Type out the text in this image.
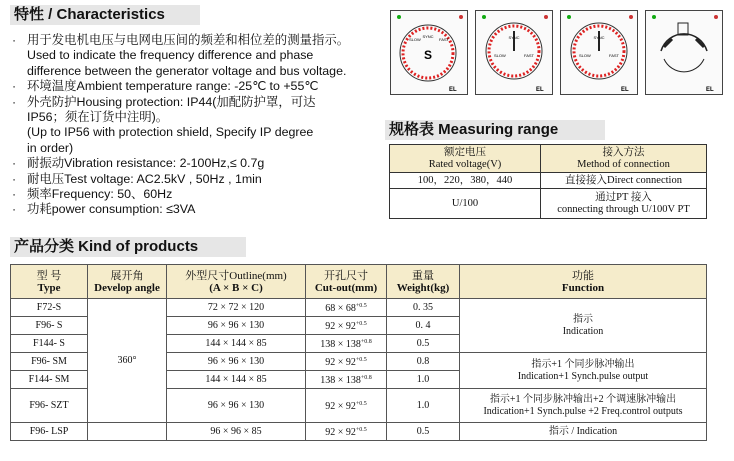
特性 / Characteristics
· 用于发电机电压与电网电压间的频差和相位差的测量指示。
Used to indicate the frequency difference and phase
difference between the generator voltage and bus voltage.
· 环境温度Ambient temperature range: -25℃ to +55℃
· 外壳防护Housing protection: IP44(加配防护罩，可达
IP56；须在订货中注明)。
(Up to IP56 with protection shield, Specify IP degree
in order)
· 耐振动Vibration resistance: 2-100Hz,≤ 0.7g
· 耐电压Test voltage: AC2.5kV , 50Hz , 1min
· 频率Frequency: 50、60Hz
· 功耗power consumption: ≤3VA
S
SYNC
SLOW	FAST
EL
SYNC
SLOW	FAST
EL
SYNC
SLOW	FAST
EL	EL
规格表 Measuring range
额定电压
Rated voltage(V)	接入方法
Method of connection
100，220，380，440	直接接入Direct connection
U/100	通过PT 接入
connecting through U/100V PT
产品分类 Kind of products
型 号
Type	展开角
Develop angle	外型尺寸Outline(mm)
(A × B × C)	开孔尺寸
Cut-out(mm)	重量
Weight(kg)	功能
Function
F72-S	360°	72 × 72 × 120	$68 \times 68^{+0.5}$	0. 35	指示
Indication
F96- S		96 × 96 × 130	$92 \times 92^{+0.5}$	0. 4	
F144- S		144 × 144 × 85	$138 \times 138^{+0.8}$	0.5	
F96- SM		96 × 96 × 130	$92 \times 92^{+0.5}$	0.8	指示+1 个同步脉冲输出
Indication+1 Synch.pulse output
F144- SM		144 × 144 × 85	$138 \times 138^{+0.8}$	1.0	
F96- SZT		96 × 96 × 130	$92 \times 92^{+0.5}$	1.0	指示+1 个同步脉冲输出+2 个调速脉冲输出
Indication+1 Synch.pulse +2 Freq.control outputs
F96- LSP		96 × 96 × 85	$92 \times 92^{+0.5}$	0.5	指示 / Indication
